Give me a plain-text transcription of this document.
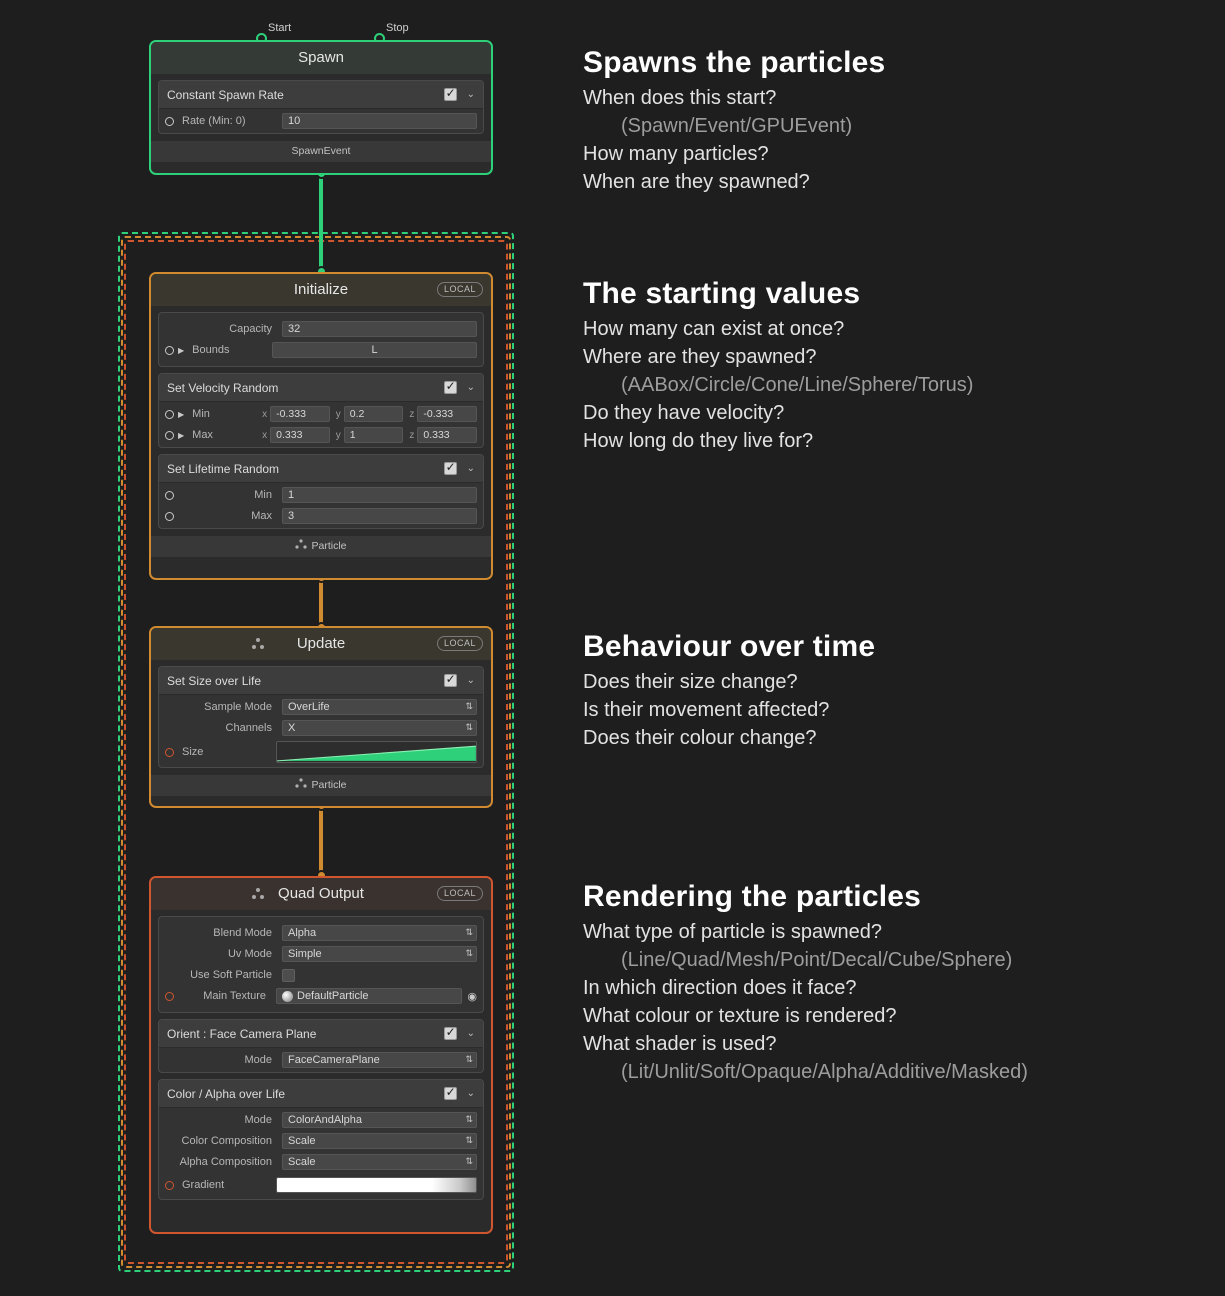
Start	Stop
Spawn
Constant Spawn Rate ✓	⌄
Rate (Min: 0)	10
SpawnEvent
Initialize	LOCAL
Capacity	32
▶ Bounds	L
Set Velocity Random ✓	⌄
▶ Min	x -0.333	y 0.2	z -0.333
▶ Max	x 0.333	y 1	z 0.333
Set Lifetime Random ✓	⌄
Min	1
Max	3
Particle
Update	LOCAL
Set Size over Life ✓	⌄
Sample Mode	OverLife ⇅
Channels	X ⇅
Size
Particle
Quad Output	LOCAL
Blend Mode	Alpha ⇅
Uv Mode	Simple ⇅
Use Soft Particle
Main Texture	DefaultParticle	◉
Orient : Face Camera Plane ✓	⌄
Mode	FaceCameraPlane ⇅
Color / Alpha over Life ✓	⌄
Mode	ColorAndAlpha ⇅
Color Composition	Scale ⇅
Alpha Composition	Scale ⇅
Gradient
Spawns the particles

When does this start?

(Spawn/Event/GPUEvent)

How many particles?

When are they spawned?

The starting values

How many can exist at once?

Where are they spawned?

(AABox/Circle/Cone/Line/Sphere/Torus)

Do they have velocity?

How long do they live for?

Behaviour over time

Does their size change?

Is their movement affected?

Does their colour change?

Rendering the particles

What type of particle is spawned?

(Line/Quad/Mesh/Point/Decal/Cube/Sphere)

In which direction does it face?

What colour or texture is rendered?

What shader is used?

(Lit/Unlit/Soft/Opaque/Alpha/Additive/Masked)
